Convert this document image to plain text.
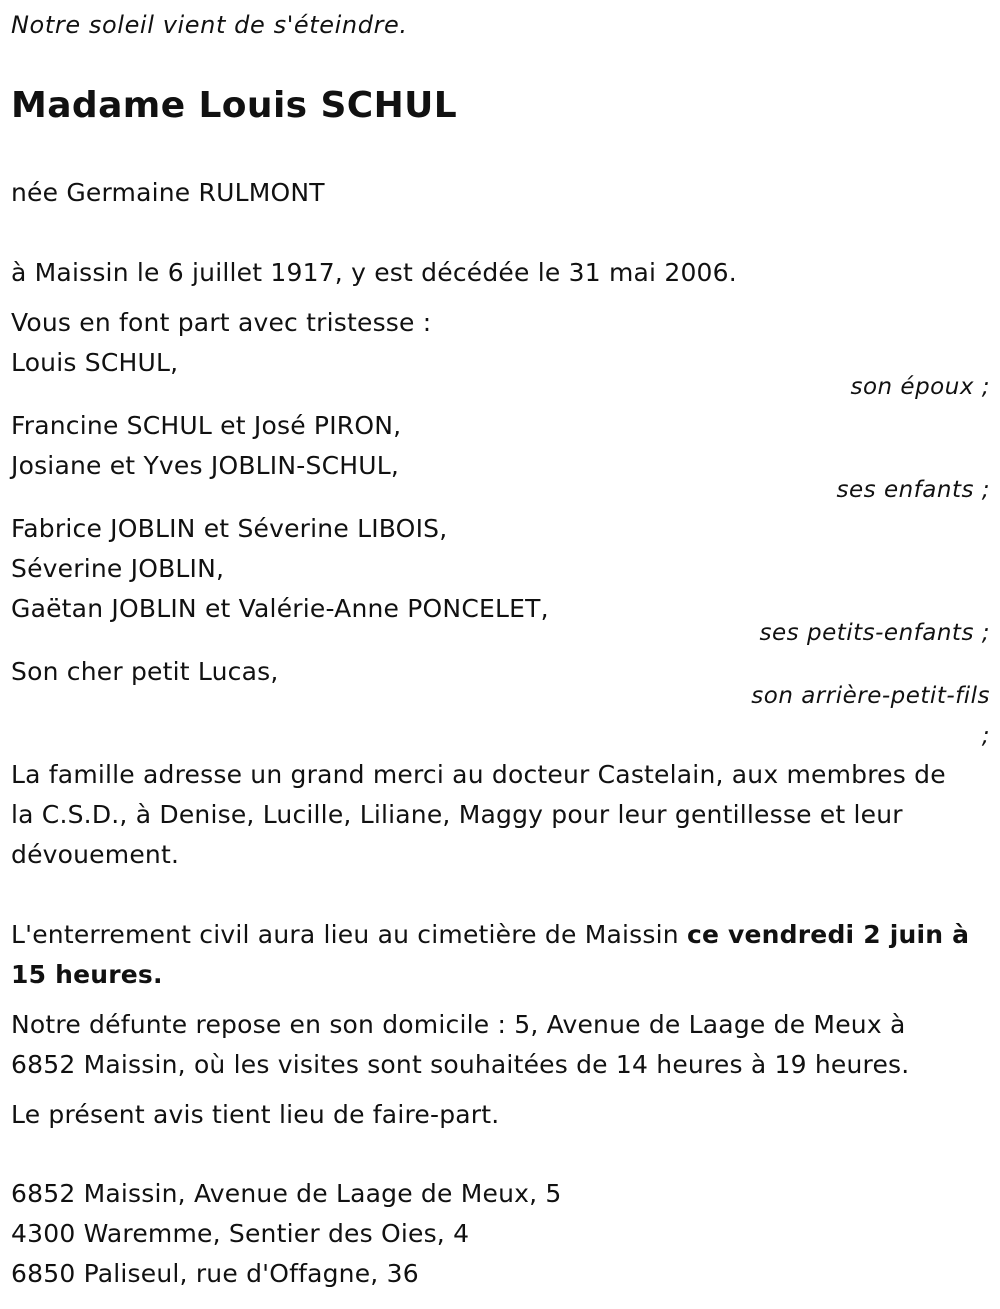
Notre soleil vient de s'éteindre.
Madame Louis SCHUL
née Germaine RULMONT
à Maissin le 6 juillet 1917, y est décédée le 31 mai 2006.
Vous en font part avec tristesse :
Louis SCHUL,
son époux ;
Francine SCHUL et José PIRON,
Josiane et Yves JOBLIN-SCHUL,
ses enfants ;
Fabrice JOBLIN et Séverine LIBOIS,
Séverine JOBLIN,
Gaëtan JOBLIN et Valérie-Anne PONCELET,
ses petits-enfants ;
Son cher petit Lucas,
son arrière-petit-fils
;
La famille adresse un grand merci au docteur Castelain, aux membres de
la C.S.D., à Denise, Lucille, Liliane, Maggy pour leur gentillesse et leur
dévouement.
L'enterrement civil aura lieu au cimetière de Maissin ce vendredi 2 juin à
15 heures.
Notre défunte repose en son domicile : 5, Avenue de Laage de Meux à
6852 Maissin, où les visites sont souhaitées de 14 heures à 19 heures.
Le présent avis tient lieu de faire-part.
6852 Maissin, Avenue de Laage de Meux, 5
4300 Waremme, Sentier des Oies, 4
6850 Paliseul, rue d'Offagne, 36
